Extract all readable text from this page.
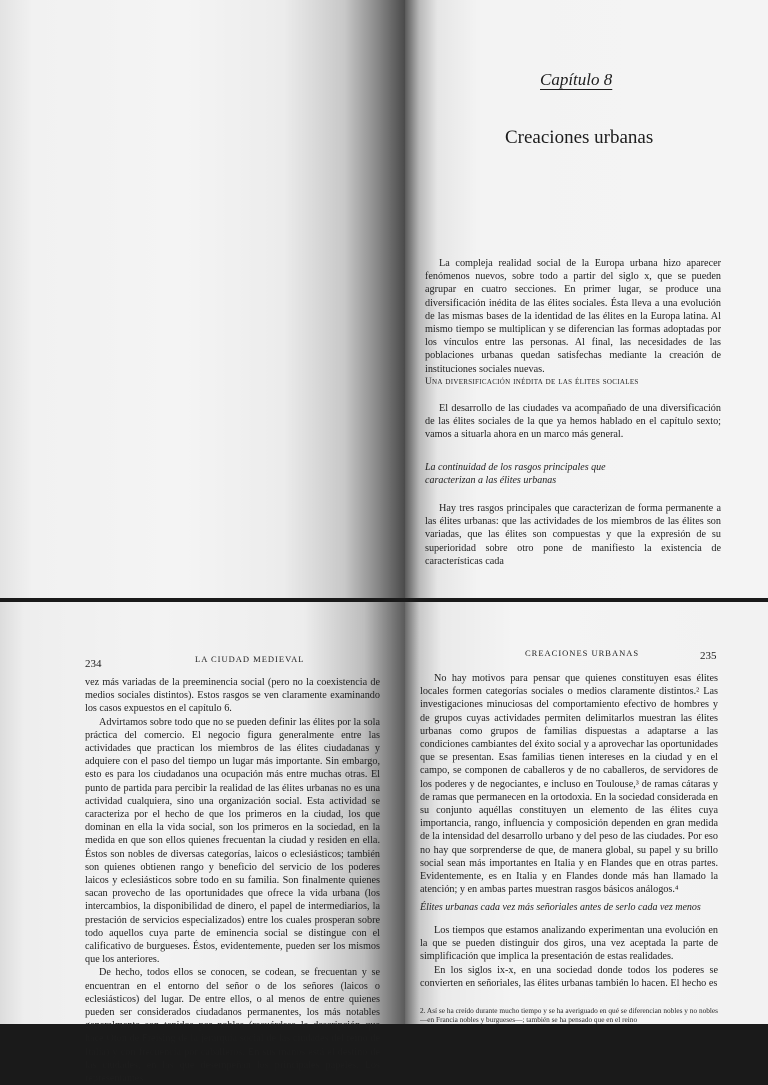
Capítulo 8

Creaciones urbanas

La compleja realidad social de la Europa urbana hizo aparecer fenómenos nuevos, sobre todo a partir del siglo x, que se pueden agrupar en cuatro secciones. En primer lugar, se produce una diversificación inédita de las élites sociales. Ésta lleva a una evolución de las mismas bases de la identidad de las élites en la Europa latina. Al mismo tiempo se multiplican y se diferencian las formas adoptadas por los vínculos entre las personas. Al final, las necesidades de las poblaciones urbanas quedan satisfechas mediante la creación de instituciones sociales nuevas.

Una diversificación inédita de las élites sociales

El desarrollo de las ciudades va acompañado de una diversificación de las élites sociales de la que ya hemos hablado en el capítulo sexto; vamos a situarla ahora en un marco más general.

La continuidad de los rasgos principales que caracterizan a las élites urbanas

Hay tres rasgos principales que caracterizan de forma permanente a las élites urbanas: que las actividades de los miembros de las élites son variadas, que las élites son compuestas y que la expresión de su superioridad sobre otro pone de manifiesto la existencia de características cada

234	LA CIUDAD MEDIEVAL

vez más variadas de la preeminencia social (pero no la coexistencia de medios sociales distintos). Estos rasgos se ven claramente examinando los casos expuestos en el capítulo 6.

Advirtamos sobre todo que no se pueden definir las élites por la sola práctica del comercio. El negocio figura generalmente entre las actividades que practican los miembros de las élites ciudadanas y adquiere con el paso del tiempo un lugar más importante. Sin embargo, esto es para los ciudadanos una ocupación más entre muchas otras. El punto de partida para percibir la realidad de las élites urbanas no es una actividad cualquiera, sino una organización social. Esta actividad se caracteriza por el hecho de que los primeros en la ciudad, los que dominan en ella la vida social, son los primeros en la sociedad, en la medida en que son ellos quienes frecuentan la ciudad y residen en ella. Éstos son nobles de diversas categorías, laicos o eclesiásticos; también son quienes obtienen rango y beneficio del servicio de los poderes laicos y eclesiásticos sobre todo en su familia. Son finalmente quienes sacan provecho de las oportunidades que ofrece la vida urbana (los intercambios, la disponibilidad de dinero, el papel de intermediarios, la prestación de servicios especializados) entre los cuales prosperan sobre todo aquellos cuya parte de eminencia social se distingue con el calificativo de burgueses. Éstos, evidentemente, pueden ser los mismos que los anteriores.

De hecho, todos ellos se conocen, se codean, se frecuentan y se encuentran en el entorno del señor o de los señores (laicos o eclesiásticos) del lugar. De entre ellos, o al menos de entre quienes pueden ser considerados ciudadanos permanentes, los más notables generalmente son tenidos por nobles (recuérdese la descripción que hace Otón de Freising de la jerarquía social de las ciudades del reino de Italia) y con frecuencia por caballeros. En sus manos está el destino de las ciudades, en las que desempeñan los principales papeles. Los representantes

CREACIONES URBANAS	235

No hay motivos para pensar que quienes constituyen esas élites locales formen categorías sociales o medios claramente distintos.² Las investigaciones minuciosas del comportamiento efectivo de hombres y de grupos cuyas actividades permiten delimitarlos muestran las élites urbanas como grupos de familias dispuestas a adaptarse a las condiciones cambiantes del éxito social y a aprovechar las oportunidades que se presentan. Esas familias tienen intereses en la ciudad y en el campo, se componen de caballeros y de no caballeros, de servidores de los poderes y de negociantes, e incluso en Toulouse,³ de ramas cátaras y de ramas que permanecen en la ortodoxia. En la sociedad considerada en su conjunto aquéllas constituyen un elemento de las élites cuya importancia, rango, influencia y composición dependen en gran medida de la intensidad del desarrollo urbano y del peso de las ciudades. Por eso no hay que sorprenderse de que, de manera global, su papel y su brillo social sean más importantes en Italia y en Flandes que en otras partes. Evidentemente, es en Italia y en Flandes donde más han llamado la atención; y en ambas partes muestran rasgos básicos análogos.⁴

Élites urbanas cada vez más señoriales antes de serlo cada vez menos

Los tiempos que estamos analizando experimentan una evolución en la que se pueden distinguir dos giros, una vez aceptada la parte de simplificación que implica la presentación de estas realidades.

En los siglos ix-x, en una sociedad donde todos los poderes se convierten en señoriales, las élites urbanas también lo hacen. El hecho es

2. Así se ha creído durante mucho tiempo y se ha averiguado en qué se diferencian nobles y no nobles —en Francia nobles y burgueses—; también se ha pensado que en el reino
